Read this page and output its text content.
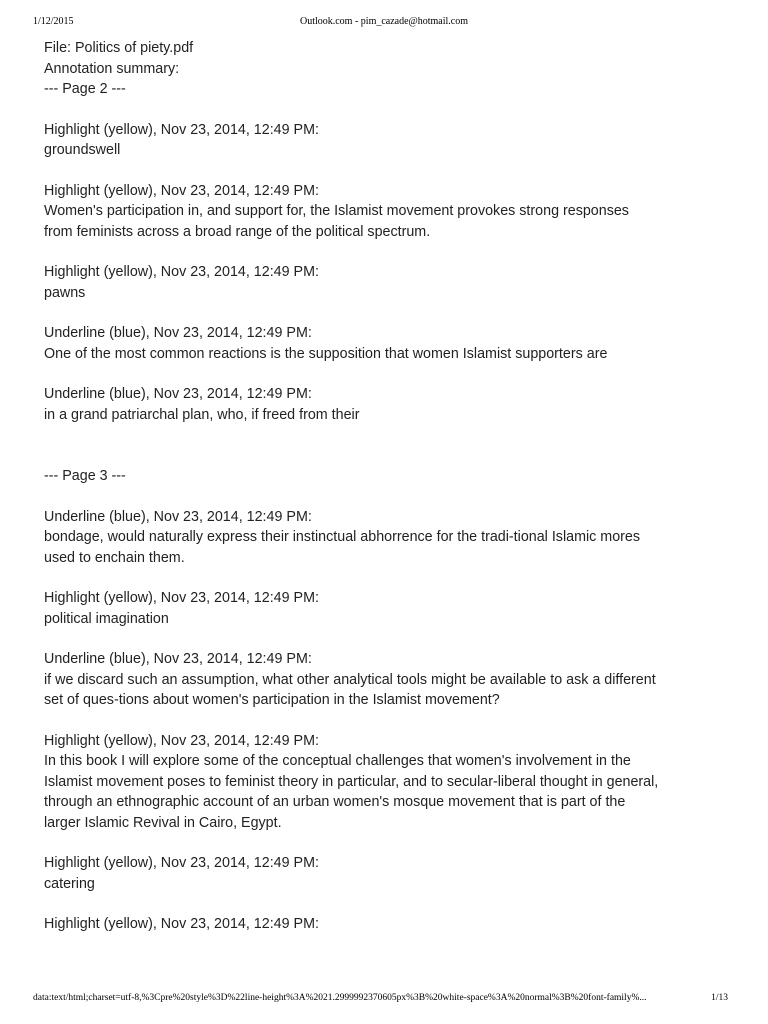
1/12/2015	Outlook.com - pim_cazade@hotmail.com

File: Politics of piety.pdf

Annotation summary:

--- Page 2 ---

Highlight (yellow), Nov 23, 2014, 12:49 PM:

groundswell

Highlight (yellow), Nov 23, 2014, 12:49 PM:

Women's participation in, and support for, the Islamist movement provokes strong responses

from feminists across a broad range of the political spectrum.

Highlight (yellow), Nov 23, 2014, 12:49 PM:

pawns

Underline (blue), Nov 23, 2014, 12:49 PM:

One of the most common reactions is the supposition that women Islamist supporters are

Underline (blue), Nov 23, 2014, 12:49 PM:

in a grand patriarchal plan, who, if freed from their

--- Page 3 ---

Underline (blue), Nov 23, 2014, 12:49 PM:

bondage, would naturally express their instinctual abhorrence for the tradi-tional Islamic mores

used to enchain them.

Highlight (yellow), Nov 23, 2014, 12:49 PM:

political imagination

Underline (blue), Nov 23, 2014, 12:49 PM:

if we discard such an assumption, what other analytical tools might be available to ask a different

set of ques-tions about women's participation in the Islamist movement?

Highlight (yellow), Nov 23, 2014, 12:49 PM:

In this book I will explore some of the conceptual challenges that women's involvement in the

Islamist movement poses to feminist theory in particular, and to secular-liberal thought in general,

through an ethnographic account of an urban women's mosque movement that is part of the

larger Islamic Revival in Cairo, Egypt.

Highlight (yellow), Nov 23, 2014, 12:49 PM:

catering

Highlight (yellow), Nov 23, 2014, 12:49 PM:

data:text/html;charset=utf-8,%3Cpre%20style%3D%22line-height%3A%2021.2999992370605px%3B%20white-space%3A%20normal%3B%20font-family%...	1/13
